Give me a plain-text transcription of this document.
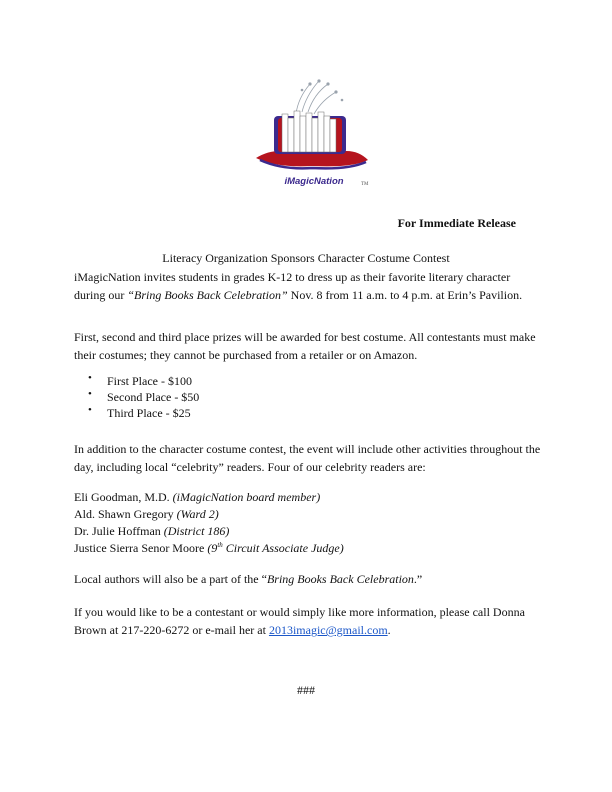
iMagicNation	TM
For Immediate Release
Literacy Organization Sponsors Character Costume Contest

iMagicNation invites students in grades K-12 to dress up as their favorite literary character during our “Bring Books Back Celebration” Nov. 8 from 11 a.m. to 4 p.m. at Erin’s Pavilion.

First, second and third place prizes will be awarded for best costume. All contestants must make their costumes; they cannot be purchased from a retailer or on Amazon.

• First Place - $100
• Second Place - $50
• Third Place - $25

In addition to the character costume contest, the event will include other activities throughout the day, including local “celebrity” readers. Four of our celebrity readers are:

Eli Goodman, M.D. (iMagicNation board member)
Ald. Shawn Gregory (Ward 2)
Dr. Julie Hoffman (District 186)
Justice Sierra Senor Moore (9th Circuit Associate Judge)

Local authors will also be a part of the “Bring Books Back Celebration.”

If you would like to be a contestant or would simply like more information, please call Donna Brown at 217-220-6272 or e-mail her at 2013imagic@gmail.com.

###
